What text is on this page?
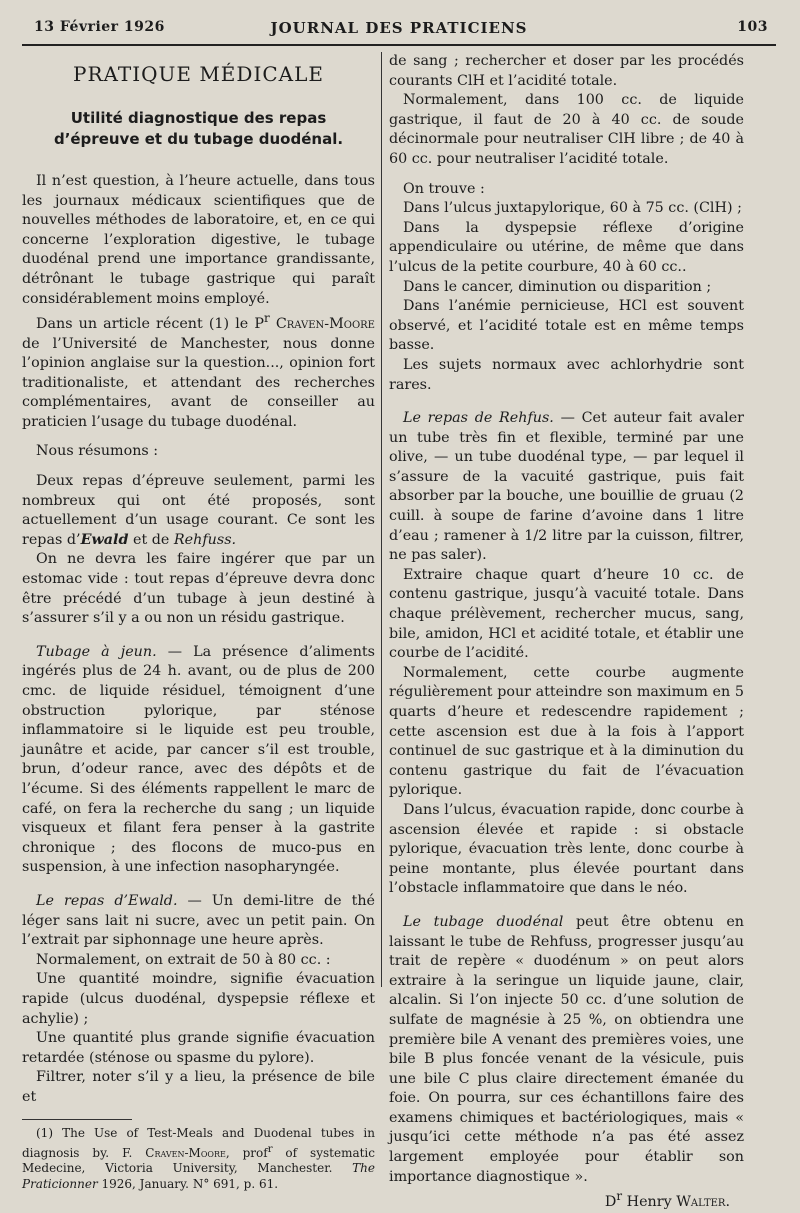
13 Février 1926	JOURNAL DES PRATICIENS	103
PRATIQUE MÉDICALE
Utilité diagnostique des repas d’épreuve et du tubage duodénal.

Il n’est question, à l’heure actuelle, dans tous les journaux médicaux scientifiques que de nouvelles méthodes de laboratoire, et, en ce qui concerne l’exploration digestive, le tubage duodénal prend une importance grandissante, détrônant le tubage gastrique qui paraît considérablement moins employé.

Dans un article récent (1) le $P^r$ Craven-Moore de l’Université de Manchester, nous donne l’opinion anglaise sur la question..., opinion fort traditionaliste, et attendant des recherches complémentaires, avant de conseiller au praticien l’usage du tubage duodénal.

Nous résumons :

Deux repas d’épreuve seulement, parmi les nombreux qui ont été proposés, sont actuellement d’un usage courant. Ce sont les repas d’Ewald et de Rehfuss.

On ne devra les faire ingérer que par un estomac vide : tout repas d’épreuve devra donc être précédé d’un tubage à jeun destiné à s’assurer s’il y a ou non un résidu gastrique.

Tubage à jeun. — La présence d’aliments ingérés plus de 24 h. avant, ou de plus de 200 cmc. de liquide résiduel, témoignent d’une obstruction pylorique, par sténose inflammatoire si le liquide est peu trouble, jaunâtre et acide, par cancer s’il est trouble, brun, d’odeur rance, avec des dépôts et de l’écume. Si des éléments rappellent le marc de café, on fera la recherche du sang ; un liquide visqueux et filant fera penser à la gastrite chronique ; des flocons de muco-pus en suspension, à une infection nasopharyngée.

Le repas d’Ewald. — Un demi-litre de thé léger sans lait ni sucre, avec un petit pain. On l’extrait par siphonnage une heure après.

Normalement, on extrait de 50 à 80 cc. :

Une quantité moindre, signifie évacuation rapide (ulcus duodénal, dyspepsie réflexe et achylie) ;

Une quantité plus grande signifie évacuation retardée (sténose ou spasme du pylore).

Filtrer, noter s’il y a lieu, la présence de bile et

(1) The Use of Test-Meals and Duodenal tubes in diagnosis by. F. Craven-Moore, prof$^r$ of systematic Medecine, Victoria University, Manchester. The Praticionner 1926, January. N° 691, p. 61.

de sang ; rechercher et doser par les procédés courants ClH et l’acidité totale.

Normalement, dans 100 cc. de liquide gastrique, il faut de 20 à 40 cc. de soude décinormale pour neutraliser ClH libre ; de 40 à 60 cc. pour neutraliser l’acidité totale.

On trouve :

Dans l’ulcus juxtapylorique, 60 à 75 cc. (ClH) ;

Dans la dyspepsie réflexe d’origine appendiculaire ou utérine, de même que dans l’ulcus de la petite courbure, 40 à 60 cc..

Dans le cancer, diminution ou disparition ;

Dans l’anémie pernicieuse, HCl est souvent observé, et l’acidité totale est en même temps basse.

Les sujets normaux avec achlorhydrie sont rares.

Le repas de Rehfus. — Cet auteur fait avaler un tube très fin et flexible, terminé par une olive, — un tube duodénal type, — par lequel il s’assure de la vacuité gastrique, puis fait absorber par la bouche, une bouillie de gruau (2 cuill. à soupe de farine d’avoine dans 1 litre d’eau ; ramener à 1/2 litre par la cuisson, filtrer, ne pas saler).

Extraire chaque quart d’heure 10 cc. de contenu gastrique, jusqu’à vacuité totale. Dans chaque prélèvement, rechercher mucus, sang, bile, amidon, HCl et acidité totale, et établir une courbe de l’acidité.

Normalement, cette courbe augmente régulièrement pour atteindre son maximum en 5 quarts d’heure et redescendre rapidement ; cette ascension est due à la fois à l’apport continuel de suc gastrique et à la diminution du contenu gastrique du fait de l’évacuation pylorique.

Dans l’ulcus, évacuation rapide, donc courbe à ascension élevée et rapide : si obstacle pylorique, évacuation très lente, donc courbe à peine montante, plus élevée pourtant dans l’obstacle inflammatoire que dans le néo.

Le tubage duodénal peut être obtenu en laissant le tube de Rehfuss, progresser jusqu’au trait de repère « duodénum » on peut alors extraire à la seringue un liquide jaune, clair, alcalin. Si l’on injecte 50 cc. d’une solution de sulfate de magnésie à 25 %, on obtiendra une première bile A venant des premières voies, une bile B plus foncée venant de la vésicule, puis une bile C plus claire directement émanée du foie. On pourra, sur ces échantillons faire des examens chimiques et bactériologiques, mais « jusqu’ici cette méthode n’a pas été assez largement employée pour établir son importance diagnostique ».

$D^r$ Henry Walter.
